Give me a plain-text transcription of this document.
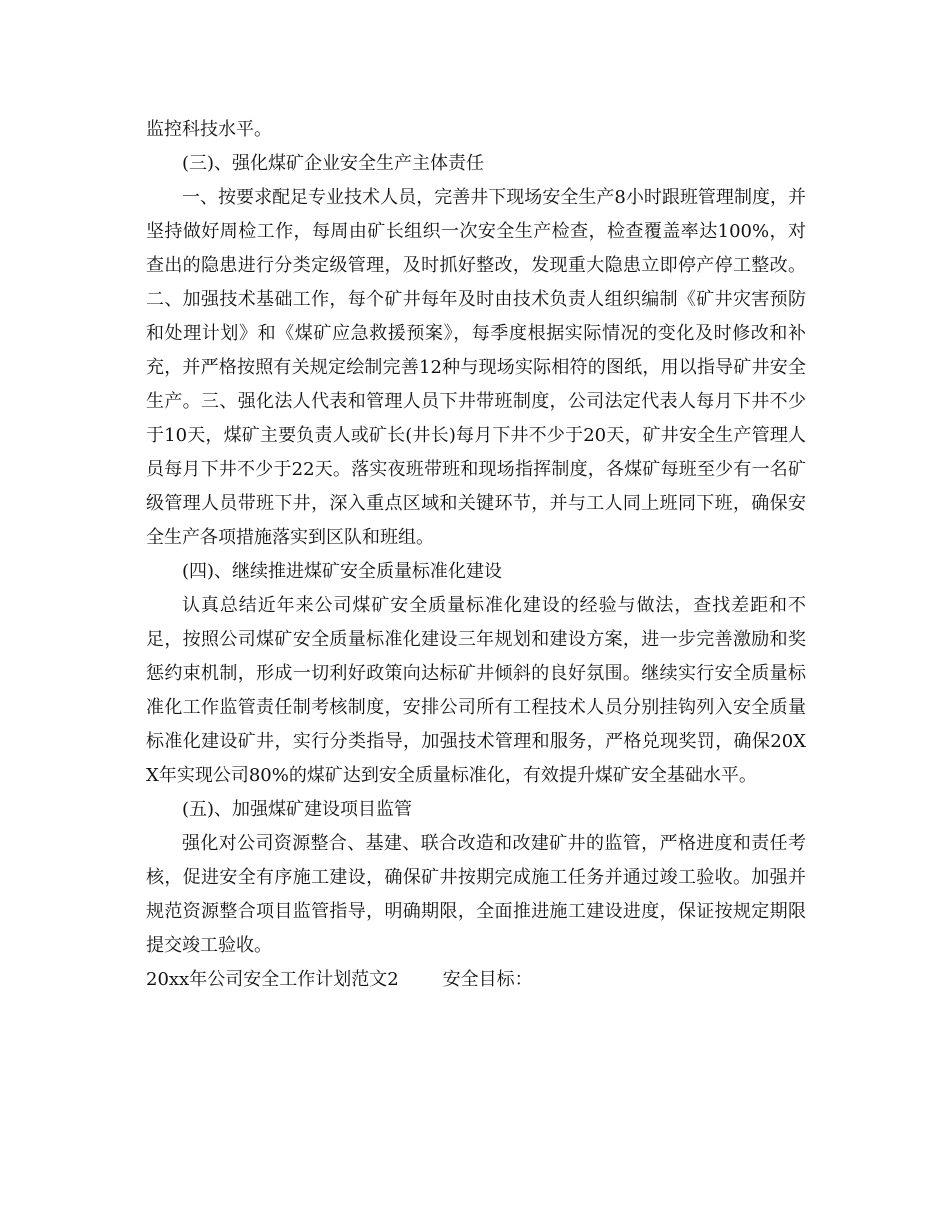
监控科技水平。

(三)、强化煤矿企业安全生产主体责任

一、按要求配足专业技术人员，完善井下现场安全生产8小时跟班管理制度，并坚持做好周检工作，每周由矿长组织一次安全生产检查，检查覆盖率达100%，对查出的隐患进行分类定级管理，及时抓好整改，发现重大隐患立即停产停工整改。二、加强技术基础工作，每个矿井每年及时由技术负责人组织编制《矿井灾害预防和处理计划》和《煤矿应急救援预案》，每季度根据实际情况的变化及时修改和补充，并严格按照有关规定绘制完善12种与现场实际相符的图纸，用以指导矿井安全生产。三、强化法人代表和管理人员下井带班制度，公司法定代表人每月下井不少于10天，煤矿主要负责人或矿长(井长)每月下井不少于20天，矿井安全生产管理人员每月下井不少于22天。落实夜班带班和现场指挥制度，各煤矿每班至少有一名矿级管理人员带班下井，深入重点区域和关键环节，并与工人同上班同下班，确保安全生产各项措施落实到区队和班组。

(四)、继续推进煤矿安全质量标准化建设

认真总结近年来公司煤矿安全质量标准化建设的经验与做法，查找差距和不足，按照公司煤矿安全质量标准化建设三年规划和建设方案，进一步完善激励和奖惩约束机制，形成一切利好政策向达标矿井倾斜的良好氛围。继续实行安全质量标准化工作监管责任制考核制度，安排公司所有工程技术人员分别挂钩列入安全质量标准化建设矿井，实行分类指导，加强技术管理和服务，严格兑现奖罚，确保20XX年实现公司80%的煤矿达到安全质量标准化，有效提升煤矿安全基础水平。

(五)、加强煤矿建设项目监管

强化对公司资源整合、基建、联合改造和改建矿井的监管，严格进度和责任考核，促进安全有序施工建设，确保矿井按期完成施工任务并通过竣工验收。加强并规范资源整合项目监管指导，明确期限，全面推进施工建设进度，保证按规定期限提交竣工验收。

20xx年公司安全工作计划范文2 安全目标：
